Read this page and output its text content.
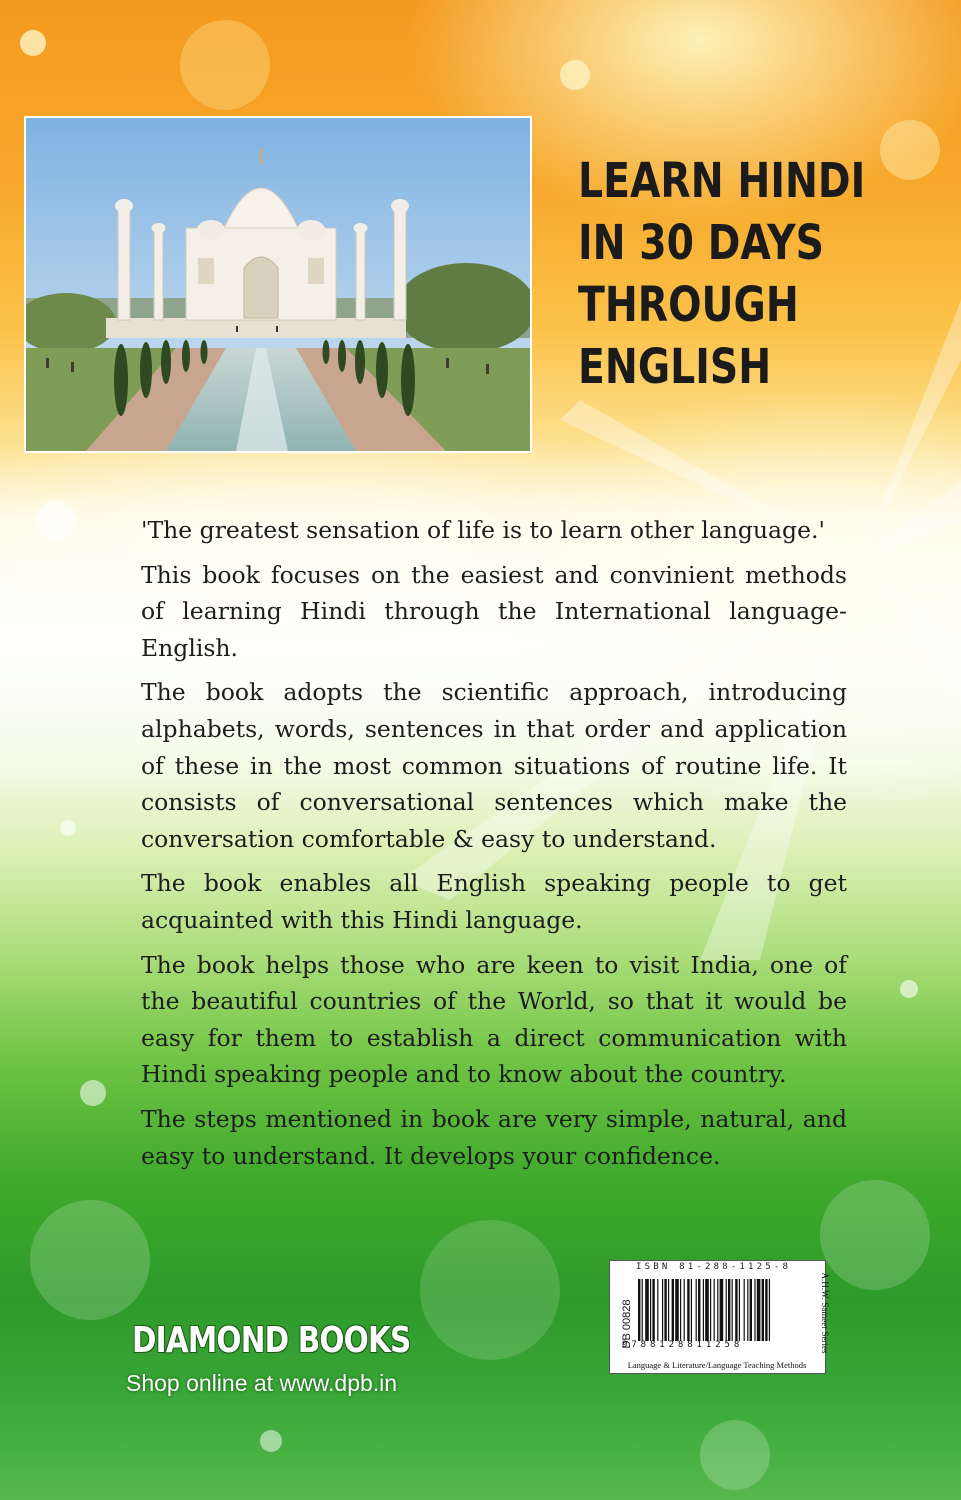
LEARN HINDI
IN 30 DAYS
THROUGH
ENGLISH

'The greatest sensation of life is to learn other language.'

This book focuses on the easiest and convinient methods of learning Hindi through the International language-English.

The book adopts the scientific approach, introducing alphabets, words, sentences in that order and application of these in the most common situations of routine life. It consists of conversational sentences which make the conversation comfortable & easy to understand.

The book enables all English speaking people to get acquainted with this Hindi language.

The book helps those who are keen to visit India, one of the beautiful countries of the World, so that it would be easy for them to establish a direct communication with Hindi speaking people and to know about the country.

The steps mentioned in book are very simple, natural, and easy to understand. It develops your confidence.

DIAMOND BOOKS
Shop online at www.dpb.in
ISBN 81-288-1125-8
DB 00828	A.H.W. Sameer Series
9788128811258
Language & Literature/Language Teaching Methods
